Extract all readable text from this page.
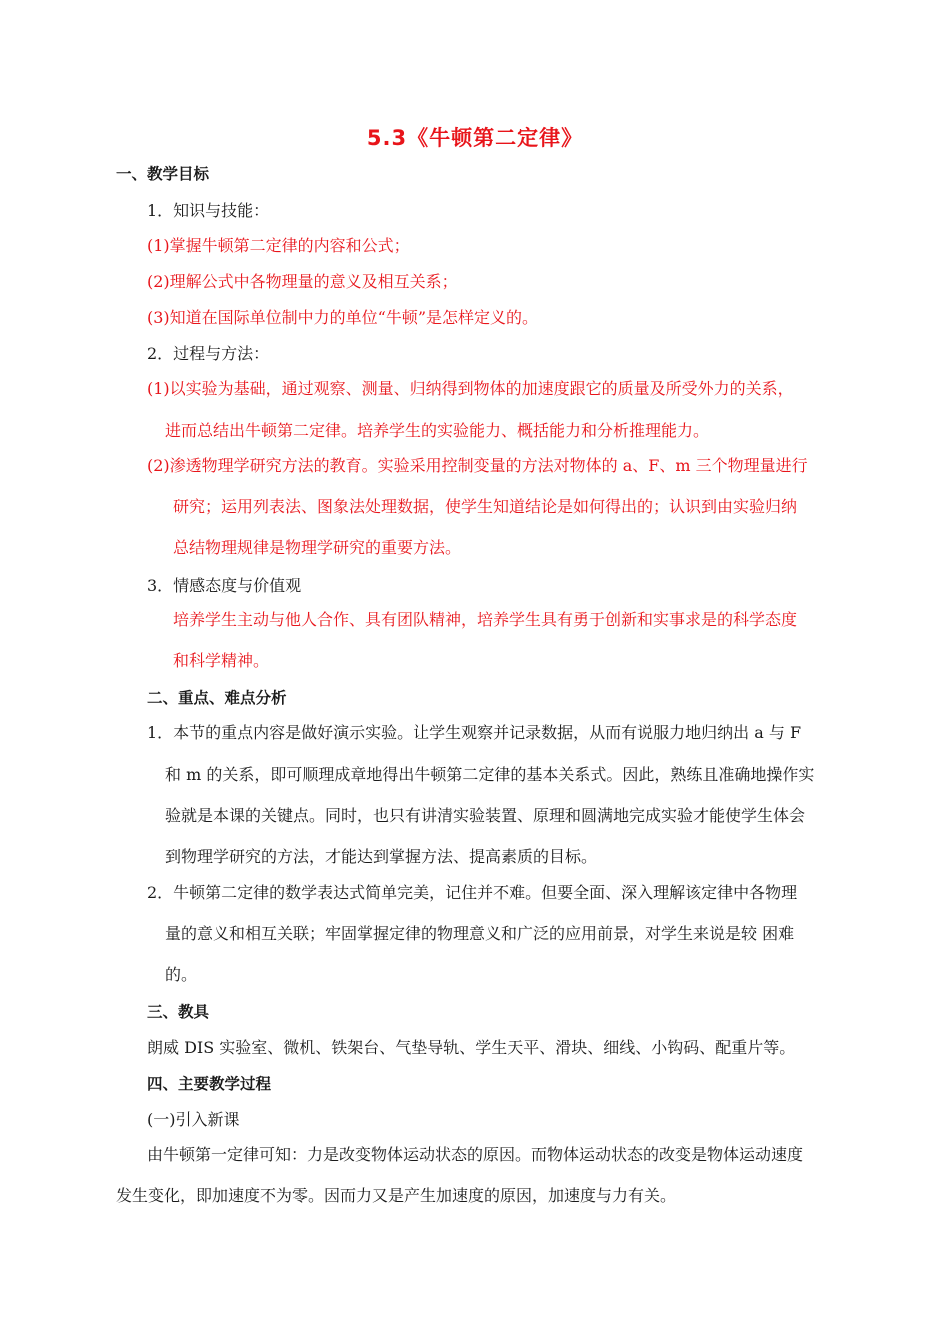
5.3《牛顿第二定律》
一、教学目标
1．知识与技能：
(1)掌握牛顿第二定律的内容和公式；
(2)理解公式中各物理量的意义及相互关系；
(3)知道在国际单位制中力的单位“牛顿”是怎样定义的。
2．过程与方法：
(1)以实验为基础，通过观察、测量、归纳得到物体的加速度跟它的质量及所受外力的关系，
进而总结出牛顿第二定律。培养学生的实验能力、概括能力和分析推理能力。
(2)渗透物理学研究方法的教育。实验采用控制变量的方法对物体的 a、F、m 三个物理量进行
研究；运用列表法、图象法处理数据，使学生知道结论是如何得出的；认识到由实验归纳
总结物理规律是物理学研究的重要方法。
3．情感态度与价值观
培养学生主动与他人合作、具有团队精神，培养学生具有勇于创新和实事求是的科学态度
和科学精神。
二、重点、难点分析
1．本节的重点内容是做好演示实验。让学生观察并记录数据，从而有说服力地归纳出 a 与 F
和 m 的关系，即可顺理成章地得出牛顿第二定律的基本关系式。因此，熟练且准确地操作实
验就是本课的关键点。同时，也只有讲清实验装置、原理和圆满地完成实验才能使学生体会
到物理学研究的方法，才能达到掌握方法、提高素质的目标。
2．牛顿第二定律的数学表达式简单完美，记住并不难。但要全面、深入理解该定律中各物理
量的意义和相互关联；牢固掌握定律的物理意义和广泛的应用前景，对学生来说是较 困难
的。
三、教具
朗威 DIS 实验室、微机、铁架台、气垫导轨、学生天平、滑块、细线、小钩码、配重片等。
四、主要教学过程
(一)引入新课
由牛顿第一定律可知：力是改变物体运动状态的原因。而物体运动状态的改变是物体运动速度
发生变化，即加速度不为零。因而力又是产生加速度的原因，加速度与力有关。
